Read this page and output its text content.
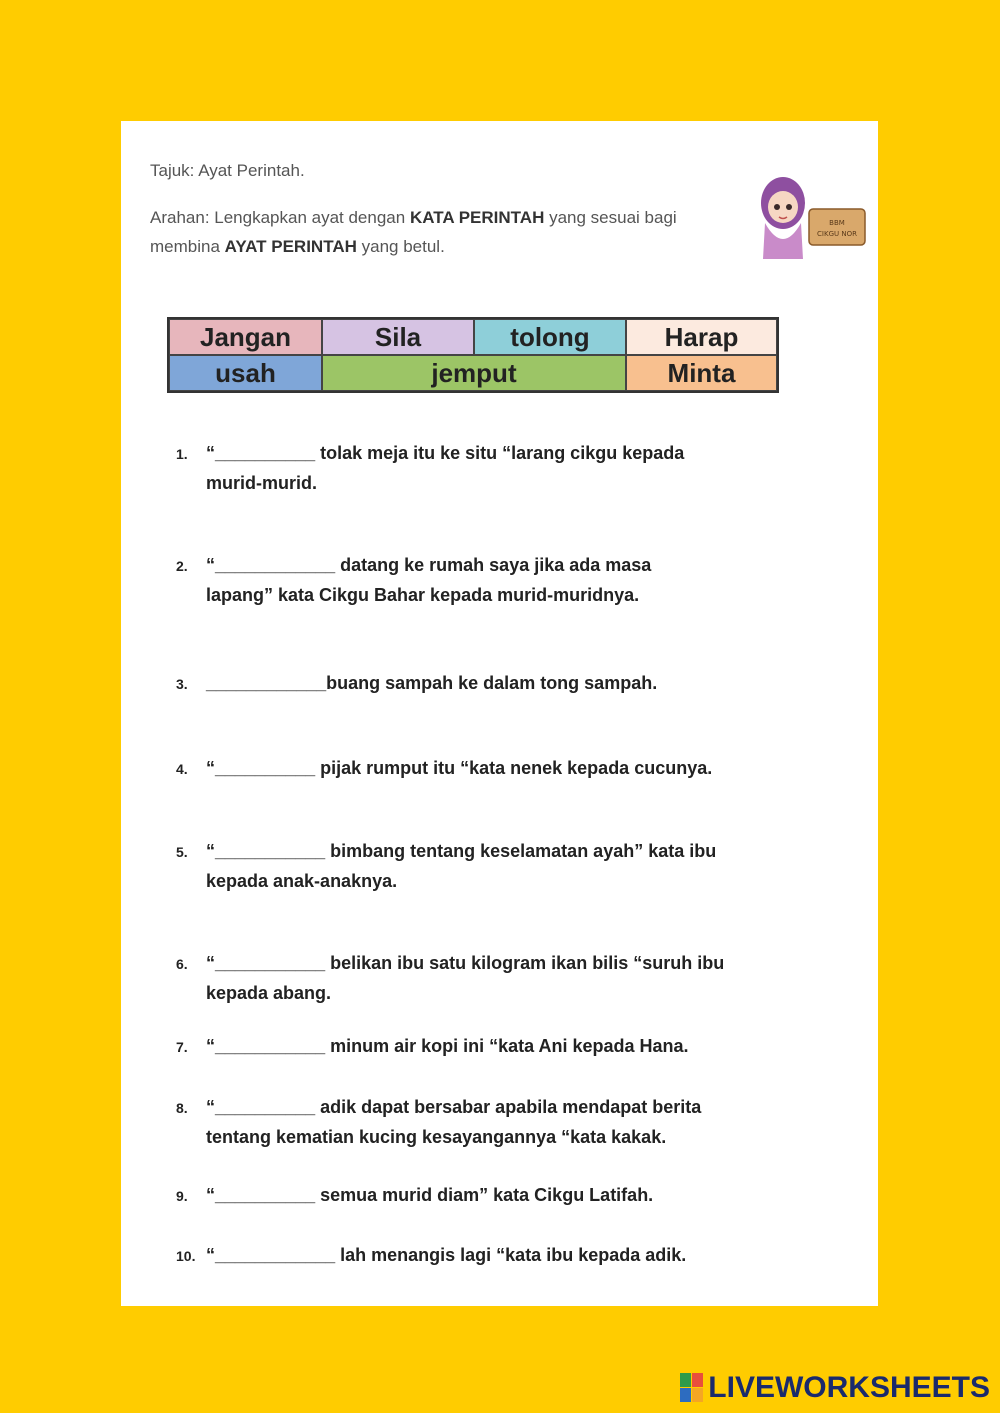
Tajuk: Ayat Perintah.
Arahan: Lengkapkan ayat dengan KATA PERINTAH yang sesuai bagi membina AYAT PERINTAH yang betul.
BBM
CIKGU NOR
Jangan	Sila	tolong	Harap
usah	jemput	Minta
1. “__________ tolak meja itu ke situ “larang cikgu kepada
murid-murid.
2. “____________ datang ke rumah saya jika ada masa
lapang” kata Cikgu Bahar kepada murid-muridnya.
3. ____________buang sampah ke dalam tong sampah.
4. “__________ pijak rumput itu “kata nenek kepada cucunya.
5. “___________ bimbang tentang keselamatan ayah” kata ibu
kepada anak-anaknya.
6. “___________ belikan ibu satu kilogram ikan bilis “suruh ibu
kepada abang.
7. “___________ minum air kopi ini “kata Ani kepada Hana.
8. “__________ adik dapat bersabar apabila mendapat berita
tentang kematian kucing kesayangannya “kata kakak.
9. “__________ semua murid diam” kata Cikgu Latifah.
10. “____________ lah menangis lagi “kata ibu kepada adik.
LIVEWORKSHEETS
